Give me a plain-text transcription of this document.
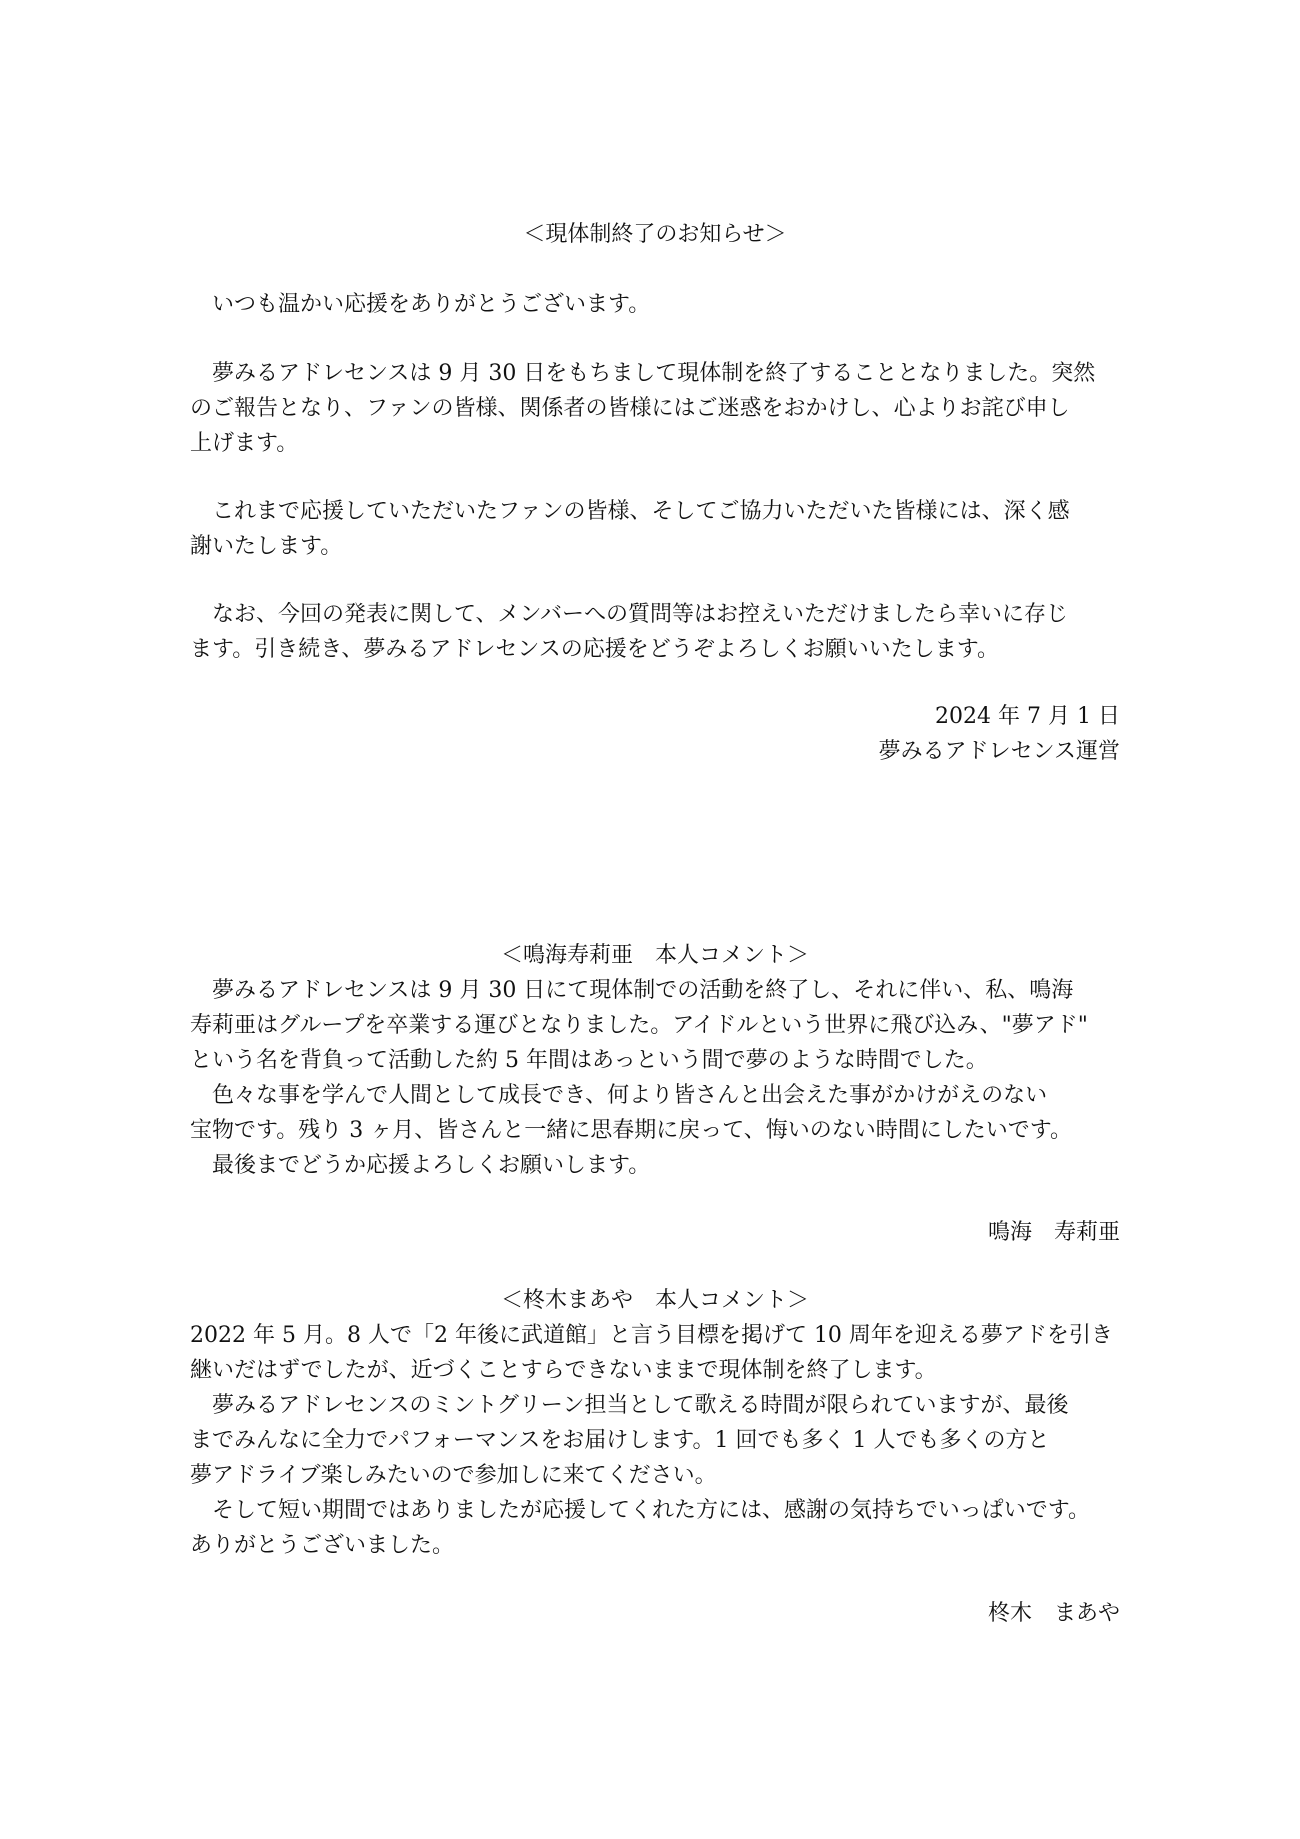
＜現体制終了のお知らせ＞
いつも温かい応援をありがとうございます。
夢みるアドレセンスは 9 月 30 日をもちまして現体制を終了することとなりました。突然
のご報告となり、ファンの皆様、関係者の皆様にはご迷惑をおかけし、心よりお詫び申し
上げます。
これまで応援していただいたファンの皆様、そしてご協力いただいた皆様には、深く感
謝いたします。
なお、今回の発表に関して、メンバーへの質問等はお控えいただけましたら幸いに存じ
ます。引き続き、夢みるアドレセンスの応援をどうぞよろしくお願いいたします。
2024 年 7 月 1 日
夢みるアドレセンス運営
＜鳴海寿莉亜　本人コメント＞
夢みるアドレセンスは 9 月 30 日にて現体制での活動を終了し、それに伴い、私、鳴海
寿莉亜はグループを卒業する運びとなりました。アイドルという世界に飛び込み、"夢アド"
という名を背負って活動した約 5 年間はあっという間で夢のような時間でした。
色々な事を学んで人間として成長でき、何より皆さんと出会えた事がかけがえのない
宝物です。残り 3 ヶ月、皆さんと一緒に思春期に戻って、悔いのない時間にしたいです。
最後までどうか応援よろしくお願いします。
鳴海　寿莉亜
＜柊木まあや　本人コメント＞
2022 年 5 月。8 人で「2 年後に武道館」と言う目標を掲げて 10 周年を迎える夢アドを引き
継いだはずでしたが、近づくことすらできないままで現体制を終了します。
夢みるアドレセンスのミントグリーン担当として歌える時間が限られていますが、最後
までみんなに全力でパフォーマンスをお届けします。1 回でも多く 1 人でも多くの方と
夢アドライブ楽しみたいので参加しに来てください。
そして短い期間ではありましたが応援してくれた方には、感謝の気持ちでいっぱいです。
ありがとうございました。
柊木　まあや
